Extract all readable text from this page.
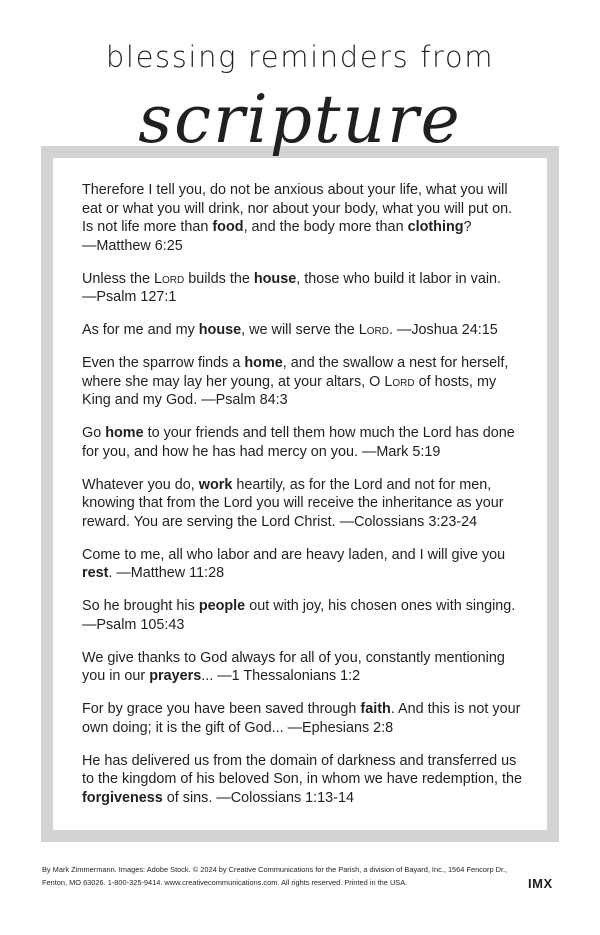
blessing reminders from
scripture

Therefore I tell you, do not be anxious about your life, what you will eat or what you will drink, nor about your body, what you will put on. Is not life more than food, and the body more than clothing?
—Matthew 6:25

Unless the Lord builds the house, those who build it labor in vain.
—Psalm 127:1

As for me and my house, we will serve the Lord. —Joshua 24:15

Even the sparrow finds a home, and the swallow a nest for herself, where she may lay her young, at your altars, O Lord of hosts, my King and my God. —Psalm 84:3

Go home to your friends and tell them how much the Lord has done for you, and how he has had mercy on you. —Mark 5:19

Whatever you do, work heartily, as for the Lord and not for men, knowing that from the Lord you will receive the inheritance as your reward. You are serving the Lord Christ. —Colossians 3:23-24

Come to me, all who labor and are heavy laden, and I will give you rest. —Matthew 11:28

So he brought his people out with joy, his chosen ones with singing.
—Psalm 105:43

We give thanks to God always for all of you, constantly mentioning you in our prayers... —1 Thessalonians 1:2

For by grace you have been saved through faith. And this is not your own doing; it is the gift of God... —Ephesians 2:8

He has delivered us from the domain of darkness and transferred us to the kingdom of his beloved Son, in whom we have redemption, the forgiveness of sins. —Colossians 1:13-14

By Mark Zimmermann. Images: Adobe Stock. © 2024 by Creative Communications for the Parish, a division of Bayard, Inc., 1564 Fencorp Dr., Fenton, MO 63026. 1-800-325-9414. www.creativecommunications.com. All rights reserved. Printed in the USA.	IMX
